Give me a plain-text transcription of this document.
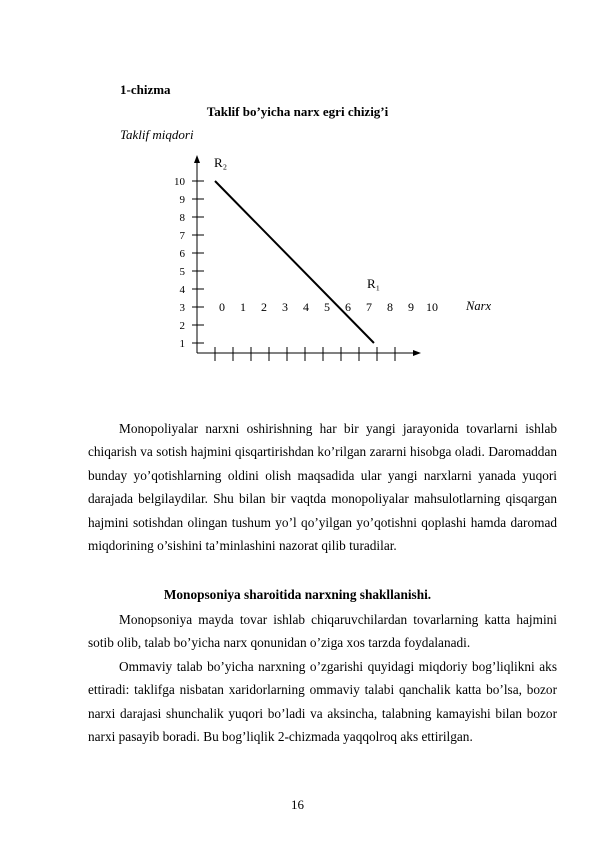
1-chizma
Taklif bo’yicha narx egri chizig’i
Taklif miqdori
10
9
8
7
6
5
4
3
2
1
0 1 2 3 4 5 6 7 8 9 10
R₂
R₁
Narx
Monopoliyalar narxni oshirishning har bir yangi jarayonida tovarlarni ishlab chiqarish va sotish hajmini qisqartirishdan ko’rilgan zararni hisobga oladi. Daromaddan bunday yo’qotishlarning oldini olish maqsadida ular yangi narxlarni yanada yuqori darajada belgilaydilar. Shu bilan bir vaqtda monopoliyalar mahsulotlarning qisqargan hajmini sotishdan olingan tushum yo’l qo’yilgan yo’qotishni qoplashi hamda daromad miqdorining o’sishini ta’minlashini nazorat qilib turadilar.
Monopsoniya sharoitida narxning shakllanishi.
Monopsoniya mayda tovar ishlab chiqaruvchilardan tovarlarning katta hajmini sotib olib, talab bo’yicha narx qonunidan o’ziga xos tarzda foydalanadi.
Ommaviy talab bo’yicha narxning o’zgarishi quyidagi miqdoriy bog’liqlikni aks ettiradi: taklifga nisbatan xaridorlarning ommaviy talabi qanchalik katta bo’lsa, bozor narxi darajasi shunchalik yuqori bo’ladi va aksincha, talabning kamayishi bilan bozor narxi pasayib boradi. Bu bog’liqlik 2-chizmada yaqqolroq aks ettirilgan.
16
